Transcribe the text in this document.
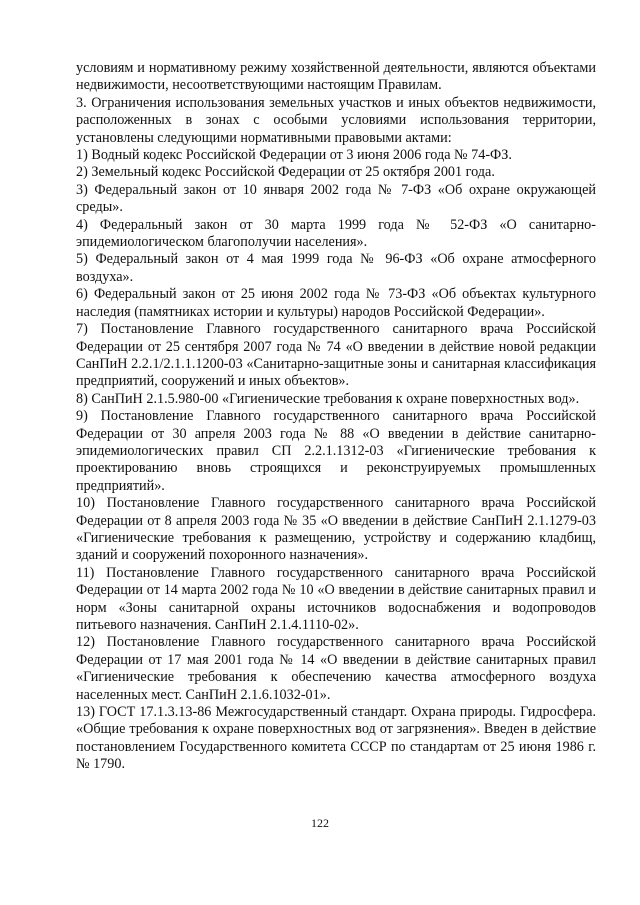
условиям и нормативному режиму хозяйственной деятельности, являются объектами недвижимости, несоответствующими настоящим Правилам.

3. Ограничения использования земельных участков и иных объектов недвижимости, расположенных в зонах с особыми условиями использования территории, установлены следующими нормативными правовыми актами:

1) Водный кодекс Российской Федерации от 3 июня 2006 года № 74-ФЗ.

2) Земельный кодекс Российской Федерации от 25 октября 2001 года.

3) Федеральный закон от 10 января 2002 года № 7-ФЗ «Об охране окружающей среды».

4) Федеральный закон от 30 марта 1999 года № 52-ФЗ «О санитарно-эпидемиологическом благополучии населения».

5) Федеральный закон от 4 мая 1999 года № 96-ФЗ «Об охране атмосферного воздуха».

6) Федеральный закон от 25 июня 2002 года № 73-ФЗ «Об объектах культурного наследия (памятниках истории и культуры) народов Российской Федерации».

7) Постановление Главного государственного санитарного врача Российской Федерации от 25 сентября 2007 года № 74 «О введении в действие новой редакции СанПиН 2.2.1/2.1.1.1200-03 «Санитарно-защитные зоны и санитарная классификация предприятий, сооружений и иных объектов».

8) СанПиН 2.1.5.980-00 «Гигиенические требования к охране поверхностных вод».

9) Постановление Главного государственного санитарного врача Российской Федерации от 30 апреля 2003 года № 88 «О введении в действие санитарно-эпидемиологических правил СП 2.2.1.1312-03 «Гигиенические требования к проектированию вновь строящихся и реконструируемых промышленных предприятий».

10) Постановление Главного государственного санитарного врача Российской Федерации от 8 апреля 2003 года № 35 «О введении в действие СанПиН 2.1.1279-03 «Гигиенические требования к размещению, устройству и содержанию кладбищ, зданий и сооружений похоронного назначения».

11) Постановление Главного государственного санитарного врача Российской Федерации от 14 марта 2002 года № 10 «О введении в действие санитарных правил и норм «Зоны санитарной охраны источников водоснабжения и водопроводов питьевого назначения. СанПиН 2.1.4.1110-02».

12) Постановление Главного государственного санитарного врача Российской Федерации от 17 мая 2001 года № 14 «О введении в действие санитарных правил «Гигиенические требования к обеспечению качества атмосферного воздуха населенных мест. СанПиН 2.1.6.1032-01».

13) ГОСТ 17.1.3.13-86 Межгосударственный стандарт. Охрана природы. Гидросфера. «Общие требования к охране поверхностных вод от загрязнения». Введен в действие постановлением Государственного комитета СССР по стандартам от 25 июня 1986 г. № 1790.

122
